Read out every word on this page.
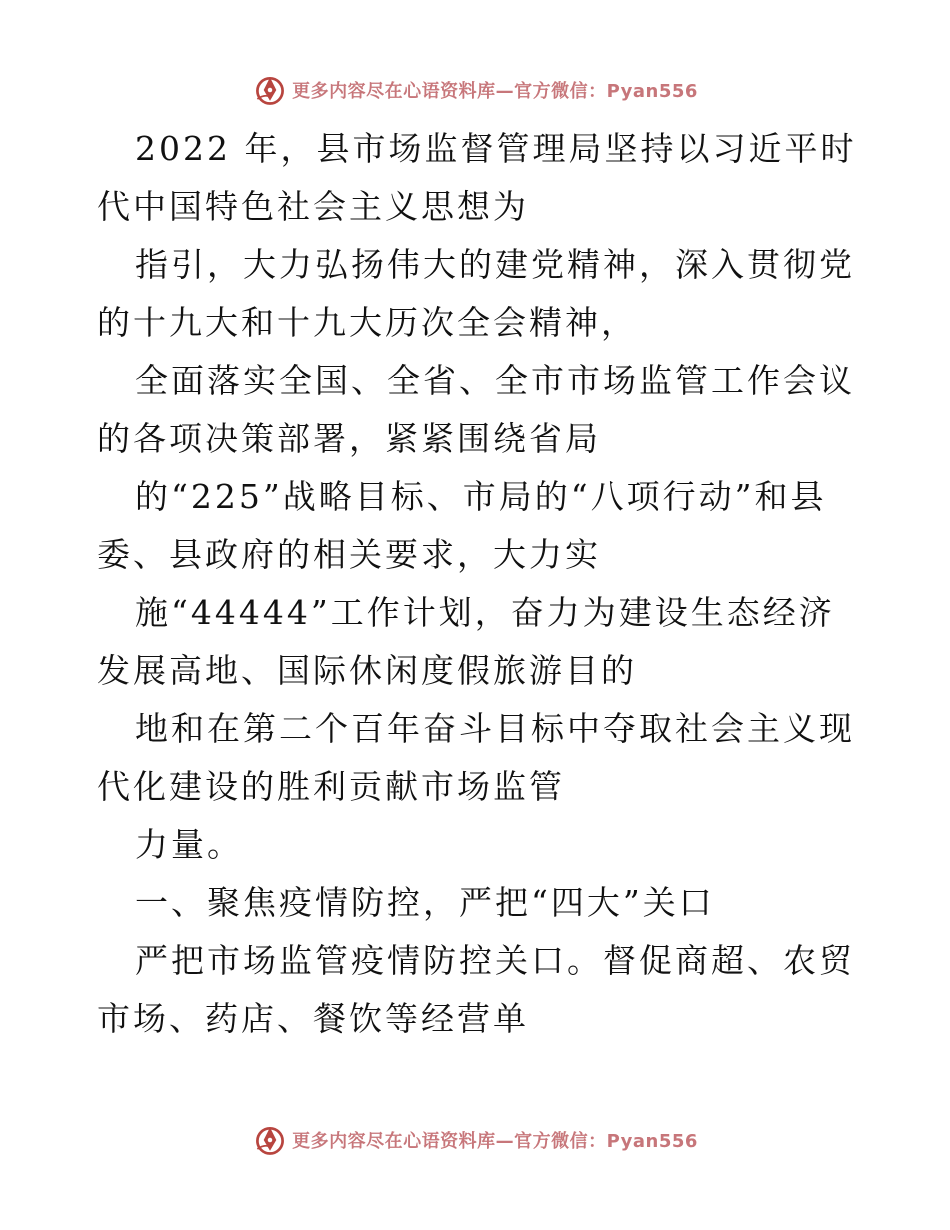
更多内容尽在心语资料库—官方微信：Pyan556

2022 年，县市场监督管理局坚持以习近平时代中国特色社会主义思想为

指引，大力弘扬伟大的建党精神，深入贯彻党的十九大和十九大历次全会精神，

全面落实全国、全省、全市市场监管工作会议的各项决策部署，紧紧围绕省局

的“225”战略目标、市局的“八项行动”和县委、县政府的相关要求，大力实

施“44444”工作计划，奋力为建设生态经济发展高地、国际休闲度假旅游目的

地和在第二个百年奋斗目标中夺取社会主义现代化建设的胜利贡献市场监管

力量。

一、聚焦疫情防控，严把“四大”关口

严把市场监管疫情防控关口。督促商超、农贸市场、药店、餐饮等经营单

更多内容尽在心语资料库—官方微信：Pyan556
